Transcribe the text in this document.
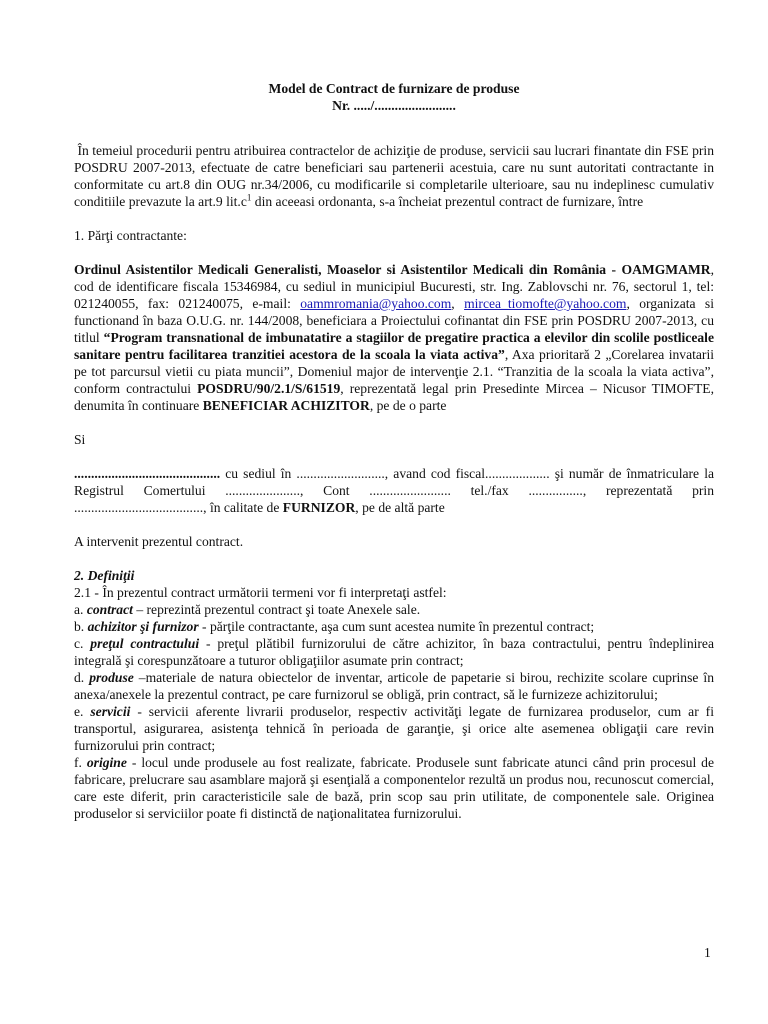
Model de Contract de furnizare de produse

Nr. ...../........................

În temeiul procedurii pentru atribuirea contractelor de achiziţie de produse, servicii sau lucrari finantate din FSE prin POSDRU 2007-2013, efectuate de catre beneficiari sau partenerii acestuia, care nu sunt autoritati contractante in conformitate cu art.8 din OUG nr.34/2006, cu modificarile si completarile ulterioare, sau nu indeplinesc cumulativ conditiile prevazute la art.9 $lit.c^1$ din aceeasi ordonanta, s-a încheiat prezentul contract de furnizare, între

1. Părţi contractante:

Ordinul Asistentilor Medicali Generalisti, Moaselor si Asistentilor Medicali din România - OAMGMAMR, cod de identificare fiscala 15346984, cu sediul in municipiul Bucuresti, str. Ing. Zablovschi nr. 76, sectorul 1, tel: 021240055, fax: 021240075, e-mail: oammromania@yahoo.com, mircea_tiomofte@yahoo.com, organizata si functionand în baza O.U.G. nr. 144/2008, beneficiara a Proiectului cofinantat din FSE prin POSDRU 2007-2013, cu titlul “Program transnational de imbunatatire a stagiilor de pregatire practica a elevilor din scolile postliceale sanitare pentru facilitarea tranzitiei acestora de la scoala la viata activa”, Axa prioritară 2 „Corelarea invatarii pe tot parcursul vietii cu piata muncii”, Domeniul major de intervenţie 2.1. “Tranzitia de la scoala la viata activa”, conform contractului POSDRU/90/2.1/S/61519, reprezentată legal prin Presedinte Mircea – Nicusor TIMOFTE, denumita în continuare BENEFICIAR ACHIZITOR, pe de o parte

Si

........................................... cu sediul în .........................., avand cod fiscal................... şi număr de înmatriculare la Registrul Comertului ......................, Cont ........................ tel./fax ................, reprezentată prin ......................................, în calitate de FURNIZOR, pe de altă parte

A intervenit prezentul contract.

2. Definiţii

2.1 - În prezentul contract următorii termeni vor fi interpretaţi astfel:

a. contract – reprezintă prezentul contract şi toate Anexele sale.

b. achizitor şi furnizor - părţile contractante, aşa cum sunt acestea numite în prezentul contract;

c. preţul contractului - preţul plătibil furnizorului de către achizitor, în baza contractului, pentru îndeplinirea integrală şi corespunzătoare a tuturor obligaţiilor asumate prin contract;

d. produse –materiale de natura obiectelor de inventar, articole de papetarie si birou, rechizite scolare cuprinse în anexa/anexele la prezentul contract, pe care furnizorul se obligă, prin contract, să le furnizeze achizitorului;

e. servicii - servicii aferente livrarii produselor, respectiv activităţi legate de furnizarea produselor, cum ar fi transportul, asigurarea, asistenţa tehnică în perioada de garanţie, şi orice alte asemenea obligaţii care revin furnizorului prin contract;

f. origine - locul unde produsele au fost realizate, fabricate. Produsele sunt fabricate atunci când prin procesul de fabricare, prelucrare sau asamblare majoră şi esenţială a componentelor rezultă un produs nou, recunoscut comercial, care este diferit, prin caracteristicile sale de bază, prin scop sau prin utilitate, de componentele sale. Originea produselor si serviciilor poate fi distinctă de naţionalitatea furnizorului.

1
